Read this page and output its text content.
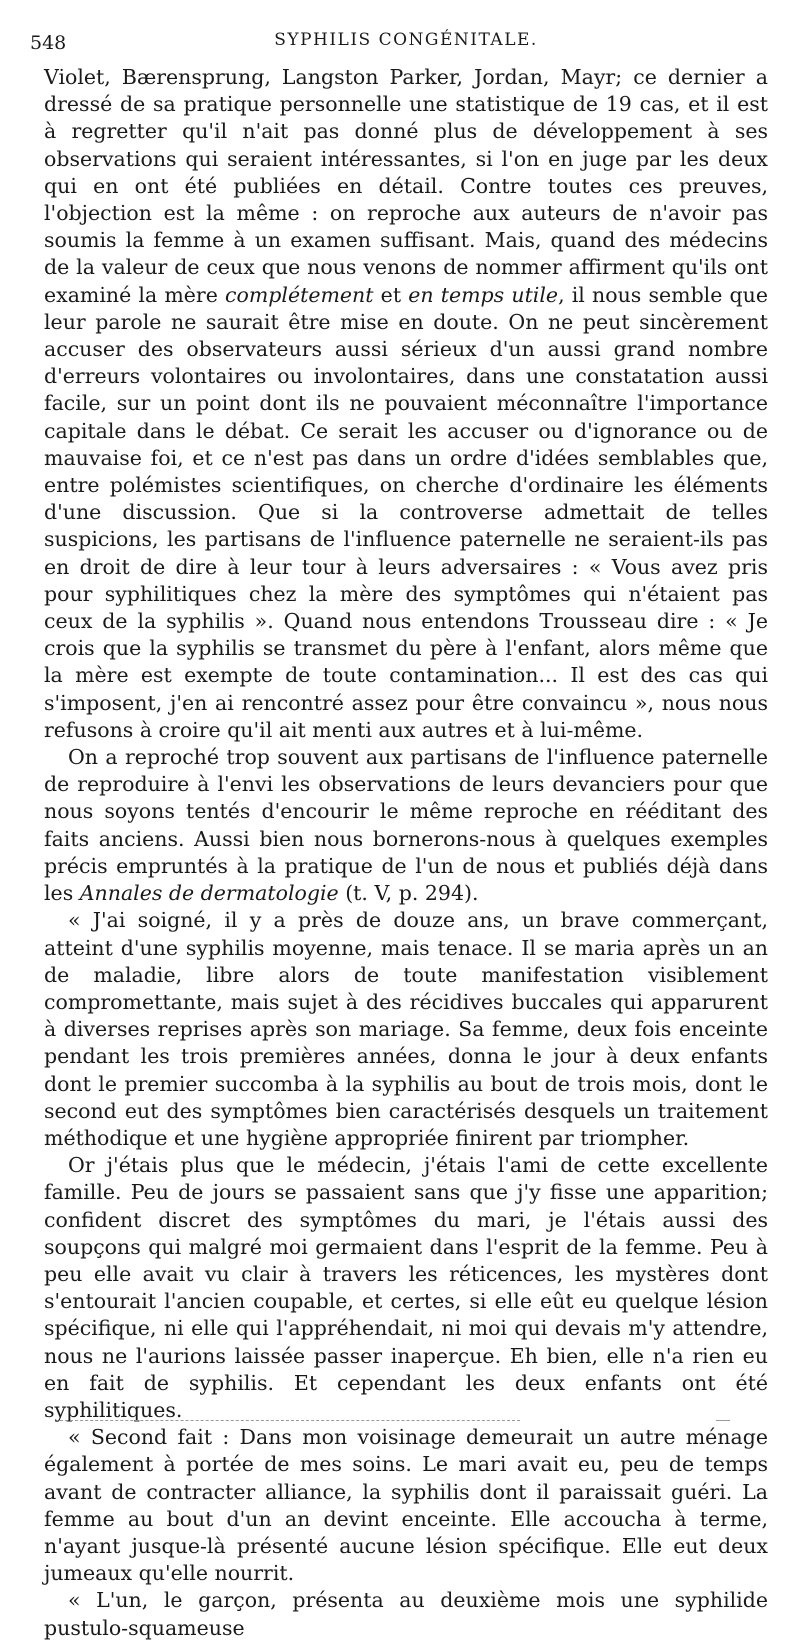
548	SYPHILIS CONGÉNITALE.

Violet, Bærensprung, Langston Parker, Jordan, Mayr; ce dernier a dressé de sa pratique personnelle une statistique de 19 cas, et il est à regretter qu'il n'ait pas donné plus de développement à ses observations qui seraient intéressantes, si l'on en juge par les deux qui en ont été publiées en détail. Contre toutes ces preuves, l'objection est la même : on reproche aux auteurs de n'avoir pas soumis la femme à un examen suffisant. Mais, quand des médecins de la valeur de ceux que nous venons de nommer affirment qu'ils ont examiné la mère complétement et en temps utile, il nous semble que leur parole ne saurait être mise en doute. On ne peut sincèrement accuser des observateurs aussi sérieux d'un aussi grand nombre d'erreurs volontaires ou involontaires, dans une constatation aussi facile, sur un point dont ils ne pouvaient méconnaître l'importance capitale dans le débat. Ce serait les accuser ou d'ignorance ou de mauvaise foi, et ce n'est pas dans un ordre d'idées semblables que, entre polémistes scientifiques, on cherche d'ordinaire les éléments d'une discussion. Que si la controverse admettait de telles suspicions, les partisans de l'influence paternelle ne seraient-ils pas en droit de dire à leur tour à leurs adversaires : « Vous avez pris pour syphilitiques chez la mère des symptômes qui n'étaient pas ceux de la syphilis ». Quand nous entendons Trousseau dire : « Je crois que la syphilis se transmet du père à l'enfant, alors même que la mère est exempte de toute contamination... Il est des cas qui s'imposent, j'en ai rencontré assez pour être convaincu », nous nous refusons à croire qu'il ait menti aux autres et à lui-même.

On a reproché trop souvent aux partisans de l'influence paternelle de reproduire à l'envi les observations de leurs devanciers pour que nous soyons tentés d'encourir le même reproche en rééditant des faits anciens. Aussi bien nous bornerons-nous à quelques exemples précis empruntés à la pratique de l'un de nous et publiés déjà dans les Annales de dermatologie (t. V, p. 294).

« J'ai soigné, il y a près de douze ans, un brave commerçant, atteint d'une syphilis moyenne, mais tenace. Il se maria après un an de maladie, libre alors de toute manifestation visiblement compromettante, mais sujet à des récidives buccales qui apparurent à diverses reprises après son mariage. Sa femme, deux fois enceinte pendant les trois premières années, donna le jour à deux enfants dont le premier succomba à la syphilis au bout de trois mois, dont le second eut des symptômes bien caractérisés desquels un traitement méthodique et une hygiène appropriée finirent par triompher.

Or j'étais plus que le médecin, j'étais l'ami de cette excellente famille. Peu de jours se passaient sans que j'y fisse une apparition; confident discret des symptômes du mari, je l'étais aussi des soupçons qui malgré moi germaient dans l'esprit de la femme. Peu à peu elle avait vu clair à travers les réticences, les mystères dont s'entourait l'ancien coupable, et certes, si elle eût eu quelque lésion spécifique, ni elle qui l'appréhendait, ni moi qui devais m'y attendre, nous ne l'aurions laissée passer inaperçue. Eh bien, elle n'a rien eu en fait de syphilis. Et cependant les deux enfants ont été syphilitiques.

« Second fait : Dans mon voisinage demeurait un autre ménage également à portée de mes soins. Le mari avait eu, peu de temps avant de contracter alliance, la syphilis dont il paraissait guéri. La femme au bout d'un an devint enceinte. Elle accoucha à terme, n'ayant jusque-là présenté aucune lésion spécifique. Elle eut deux jumeaux qu'elle nourrit.

« L'un, le garçon, présenta au deuxième mois une syphilide pustulo-squameuse
